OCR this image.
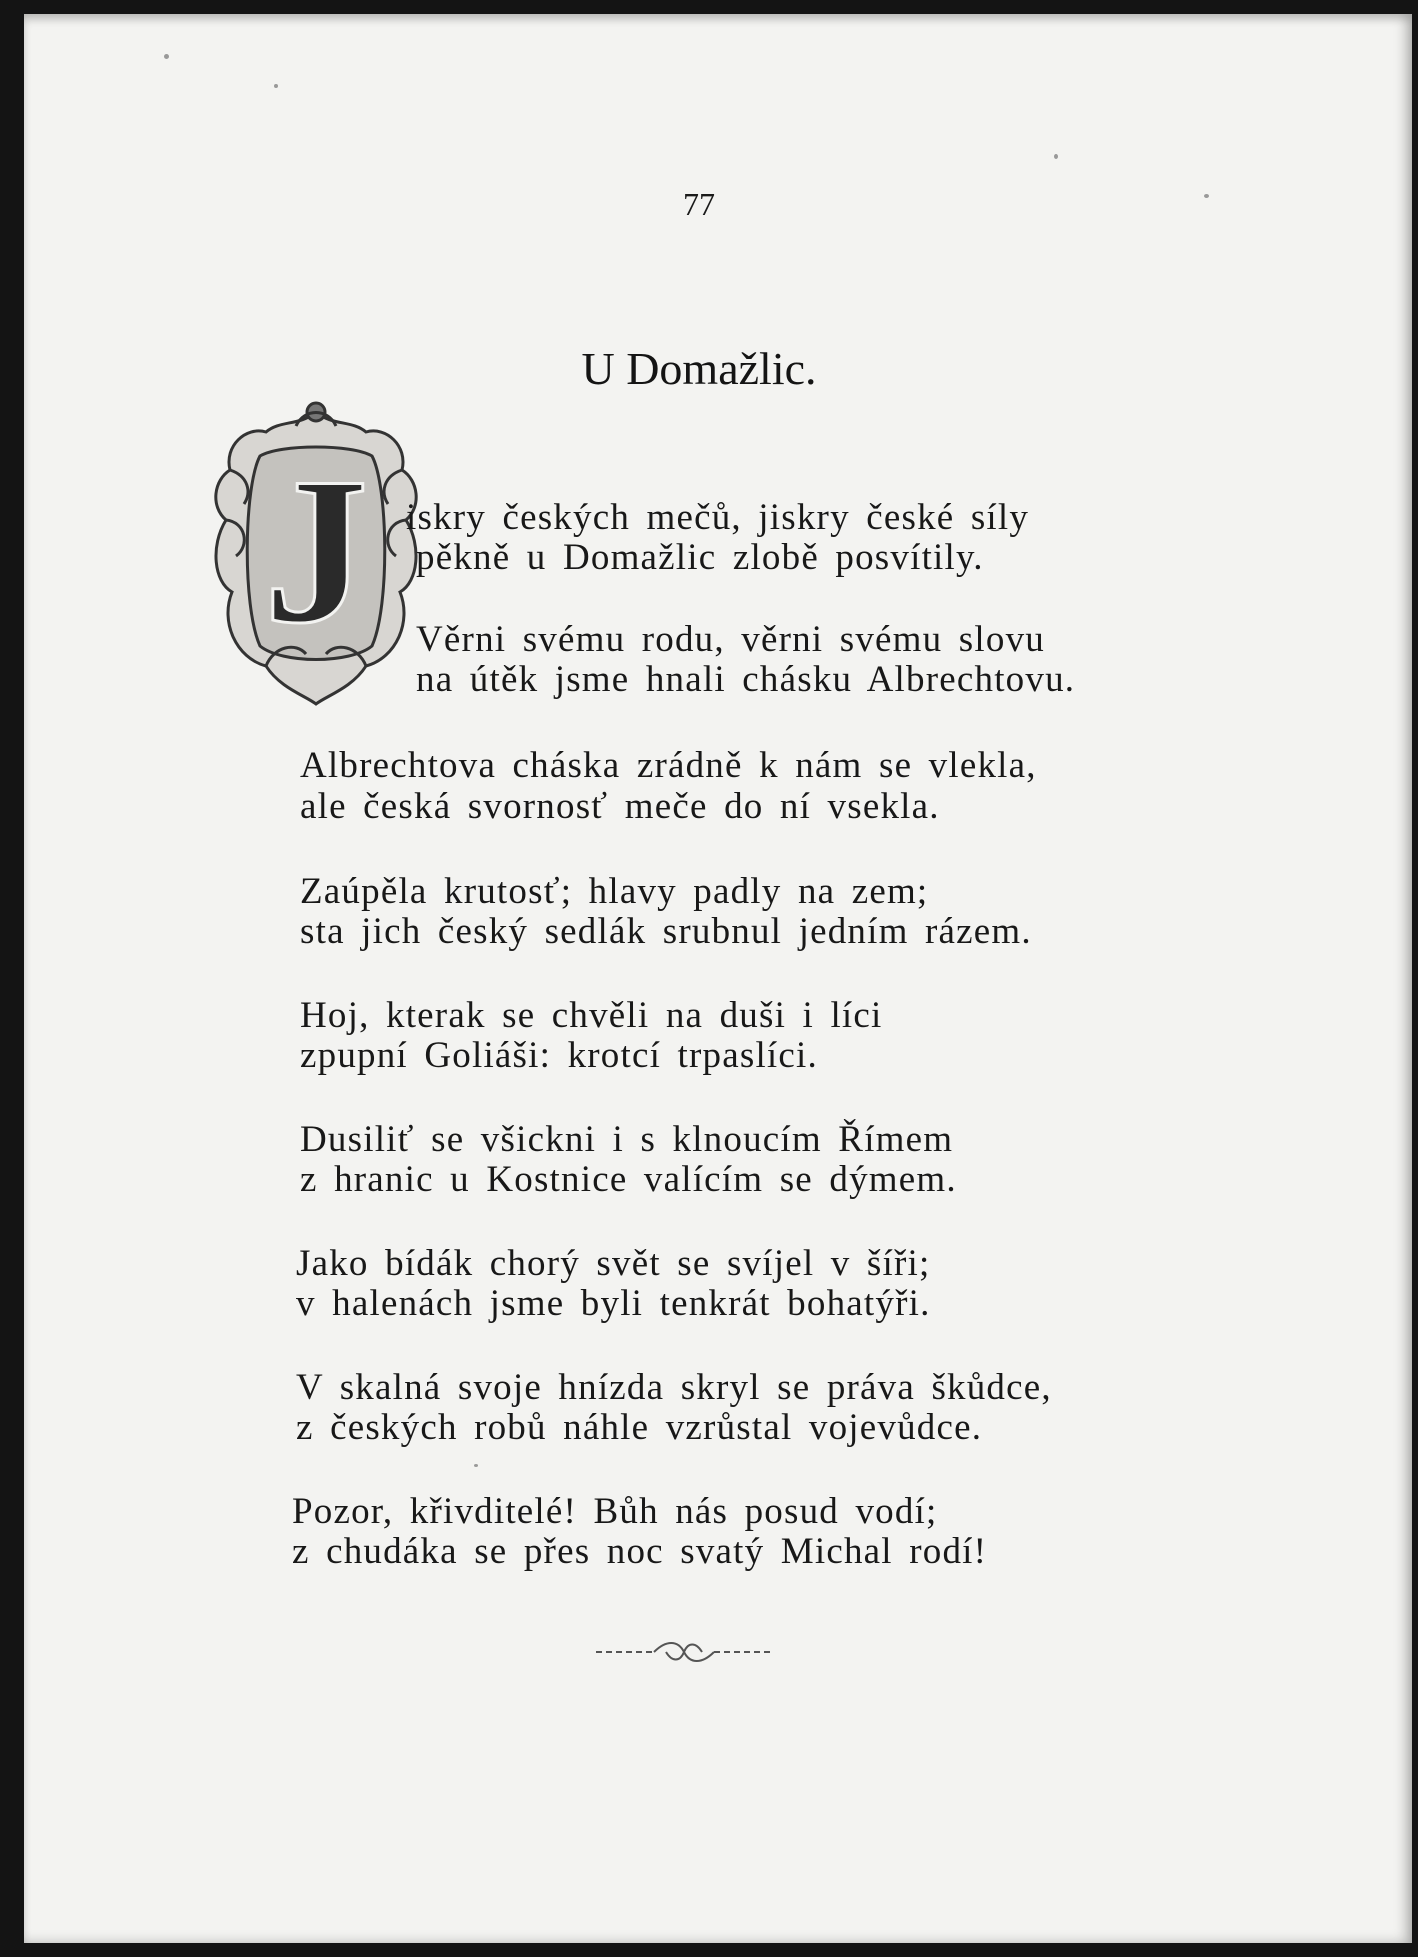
77
U Domažlic.
J iskry českých mečů, jiskry české síly
pěkně u Domažlic zlobě posvítily.
Věrni svému rodu, věrni svému slovu
na útěk jsme hnali chásku Albrechtovu.
Albrechtova cháska zrádně k nám se vlekla,
ale česká svornosť meče do ní vsekla.
Zaúpěla krutosť; hlavy padly na zem;
sta jich český sedlák srubnul jedním rázem.
Hoj, kterak se chvěli na duši i líci
zpupní Goliáši: krotcí trpaslíci.
Dusiliť se všickni i s klnoucím Římem
z hranic u Kostnice valícím se dýmem.
Jako bídák chorý svět se svíjel v šíři;
v halenách jsme byli tenkrát bohatýři.
V skalná svoje hnízda skryl se práva škůdce,
z českých robů náhle vzrůstal vojevůdce.
Pozor, křivditelé! Bůh nás posud vodí;
z chudáka se přes noc svatý Michal rodí!
